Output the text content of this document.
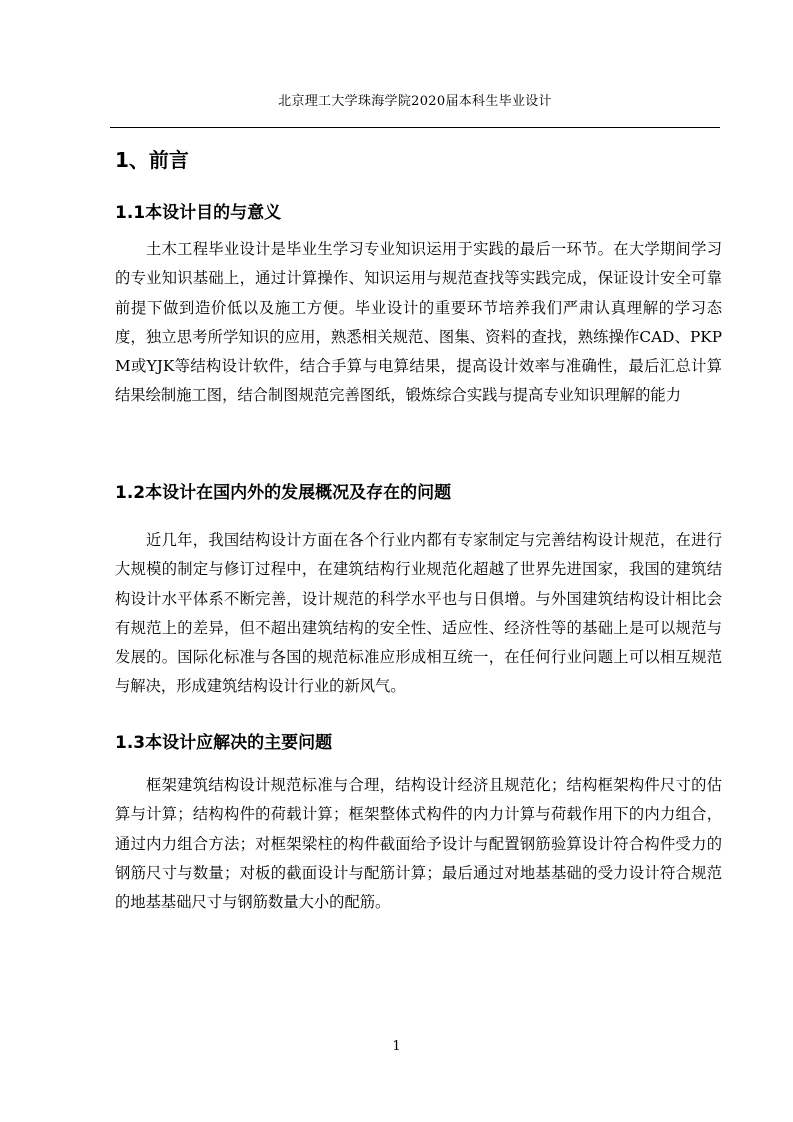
北京理工大学珠海学院2020届本科生毕业设计
1、前言
1.1本设计目的与意义

土木工程毕业设计是毕业生学习专业知识运用于实践的最后一环节。在大学期间学习的专业知识基础上，通过计算操作、知识运用与规范查找等实践完成，保证设计安全可靠前提下做到造价低以及施工方便。毕业设计的重要环节培养我们严肃认真理解的学习态度，独立思考所学知识的应用，熟悉相关规范、图集、资料的查找，熟练操作CAD、PKPM或YJK等结构设计软件，结合手算与电算结果，提高设计效率与准确性，最后汇总计算结果绘制施工图，结合制图规范完善图纸，锻炼综合实践与提高专业知识理解的能力

1.2本设计在国内外的发展概况及存在的问题

近几年，我国结构设计方面在各个行业内都有专家制定与完善结构设计规范，在进行大规模的制定与修订过程中，在建筑结构行业规范化超越了世界先进国家，我国的建筑结构设计水平体系不断完善，设计规范的科学水平也与日俱增。与外国建筑结构设计相比会有规范上的差异，但不超出建筑结构的安全性、适应性、经济性等的基础上是可以规范与发展的。国际化标准与各国的规范标准应形成相互统一，在任何行业问题上可以相互规范与解决，形成建筑结构设计行业的新风气。

1.3本设计应解决的主要问题

框架建筑结构设计规范标准与合理，结构设计经济且规范化；结构框架构件尺寸的估算与计算；结构构件的荷载计算；框架整体式构件的内力计算与荷载作用下的内力组合，通过内力组合方法；对框架梁柱的构件截面给予设计与配置钢筋验算设计符合构件受力的钢筋尺寸与数量；对板的截面设计与配筋计算；最后通过对地基基础的受力设计符合规范的地基基础尺寸与钢筋数量大小的配筋。

1
